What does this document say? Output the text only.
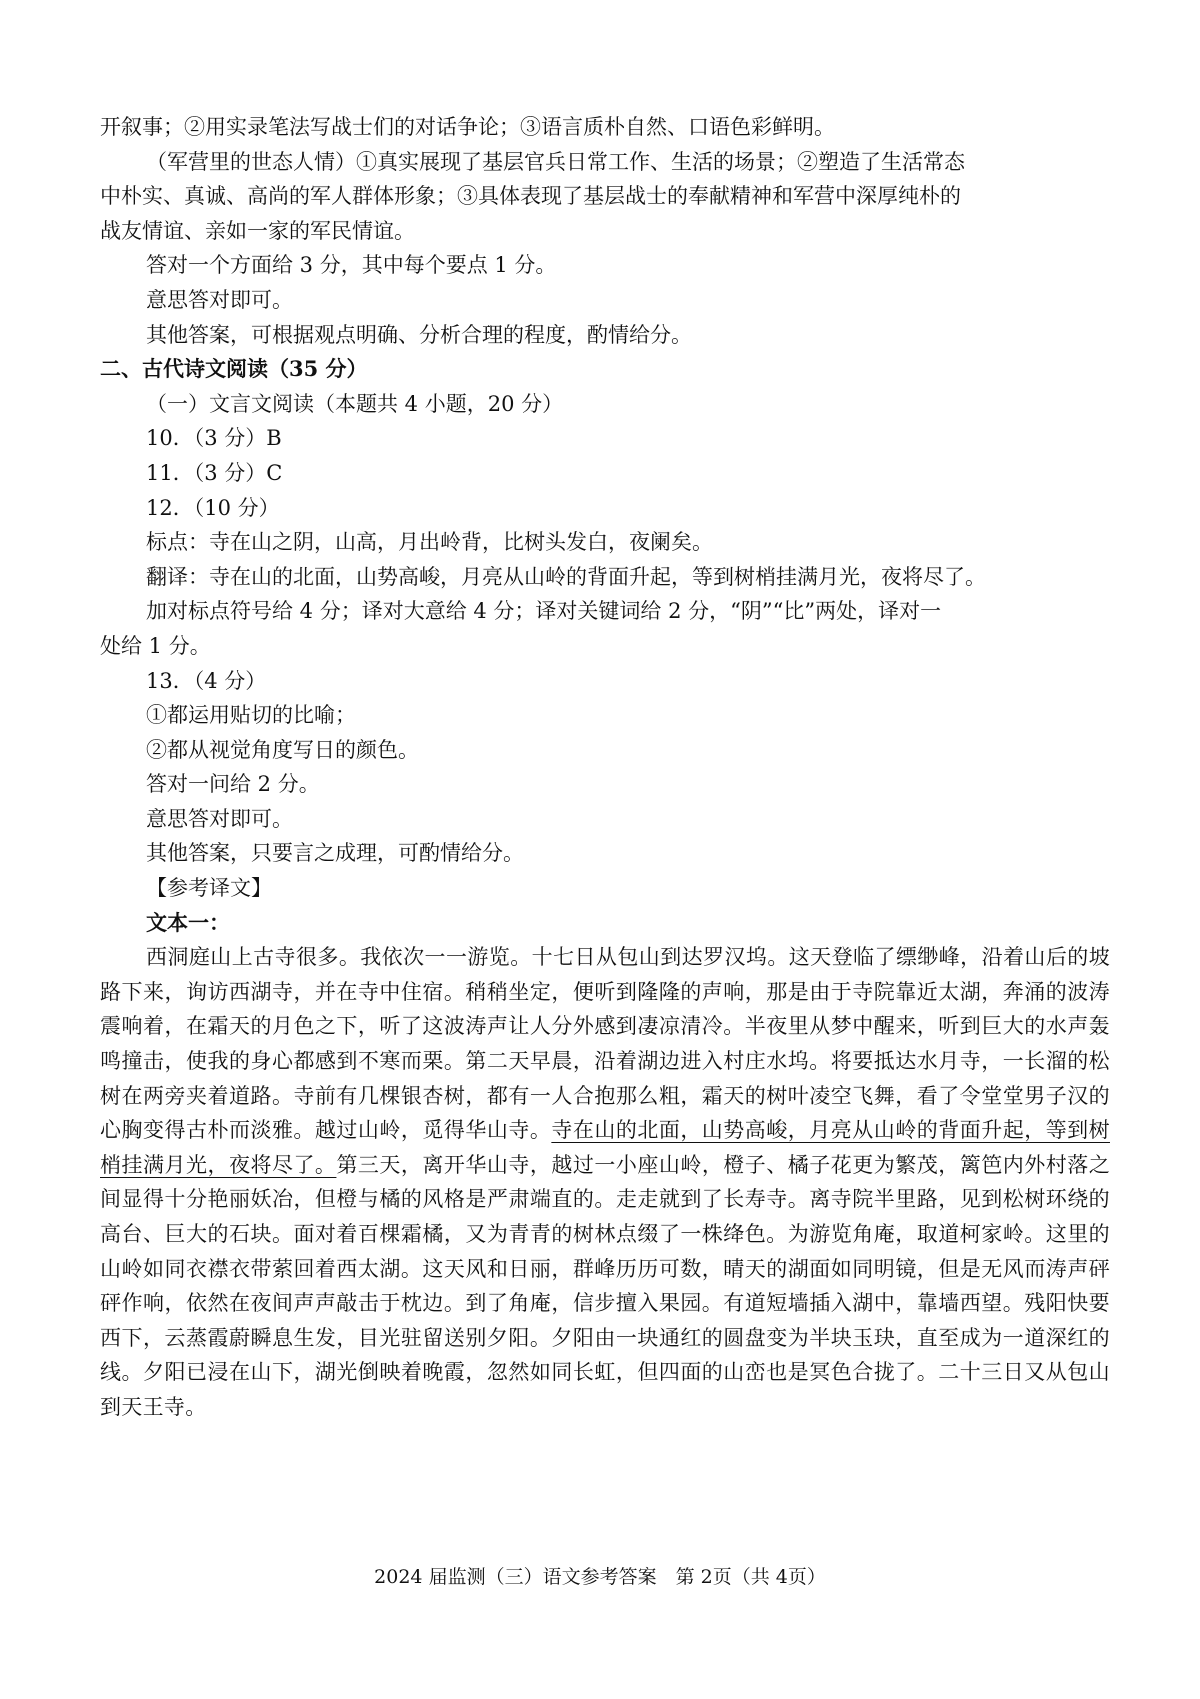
开叙事；②用实录笔法写战士们的对话争论；③语言质朴自然、口语色彩鲜明。
（军营里的世态人情）①真实展现了基层官兵日常工作、生活的场景；②塑造了生活常态
中朴实、真诚、高尚的军人群体形象；③具体表现了基层战士的奉献精神和军营中深厚纯朴的
战友情谊、亲如一家的军民情谊。
答对一个方面给 3 分，其中每个要点 1 分。
意思答对即可。
其他答案，可根据观点明确、分析合理的程度，酌情给分。
二、古代诗文阅读（35 分）
（一）文言文阅读（本题共 4 小题，20 分）
10．（3 分）B
11．（3 分）C
12．（10 分）
标点：寺在山之阴，山高，月出岭背，比树头发白，夜阑矣。
翻译：寺在山的北面，山势高峻，月亮从山岭的背面升起，等到树梢挂满月光，夜将尽了。
加对标点符号给 4 分；译对大意给 4 分；译对关键词给 2 分，“阴”“比”两处，译对一
处给 1 分。
13．（4 分）
①都运用贴切的比喻；
②都从视觉角度写日的颜色。
答对一问给 2 分。
意思答对即可。
其他答案，只要言之成理，可酌情给分。
【参考译文】
文本一：
西洞庭山上古寺很多。我依次一一游览。十七日从包山到达罗汉坞。这天登临了缥缈峰，沿着山后的坡路下来，询访西湖寺，并在寺中住宿。稍稍坐定，便听到隆隆的声响，那是由于寺院靠近太湖，奔涌的波涛震响着，在霜天的月色之下，听了这波涛声让人分外感到凄凉清冷。半夜里从梦中醒来，听到巨大的水声轰鸣撞击，使我的身心都感到不寒而栗。第二天早晨，沿着湖边进入村庄水坞。将要抵达水月寺，一长溜的松树在两旁夹着道路。寺前有几棵银杏树，都有一人合抱那么粗，霜天的树叶凌空飞舞，看了令堂堂男子汉的心胸变得古朴而淡雅。越过山岭，觅得华山寺。寺在山的北面，山势高峻，月亮从山岭的背面升起，等到树梢挂满月光，夜将尽了。第三天，离开华山寺，越过一小座山岭，橙子、橘子花更为繁茂，篱笆内外村落之间显得十分艳丽妖冶，但橙与橘的风格是严肃端直的。走走就到了长寿寺。离寺院半里路，见到松树环绕的高台、巨大的石块。面对着百棵霜橘，又为青青的树林点缀了一株绛色。为游览角庵，取道柯家岭。这里的山岭如同衣襟衣带萦回着西太湖。这天风和日丽，群峰历历可数，晴天的湖面如同明镜，但是无风而涛声砰砰作响，依然在夜间声声敲击于枕边。到了角庵，信步擅入果园。有道短墙插入湖中，靠墙西望。残阳快要西下，云蒸霞蔚瞬息生发，目光驻留送别夕阳。夕阳由一块通红的圆盘变为半块玉玦，直至成为一道深红的线。夕阳已浸在山下，湖光倒映着晚霞，忽然如同长虹，但四面的山峦也是冥色合拢了。二十三日又从包山到天王寺。
2024 届监测（三）语文参考答案　第 2页（共 4页）
